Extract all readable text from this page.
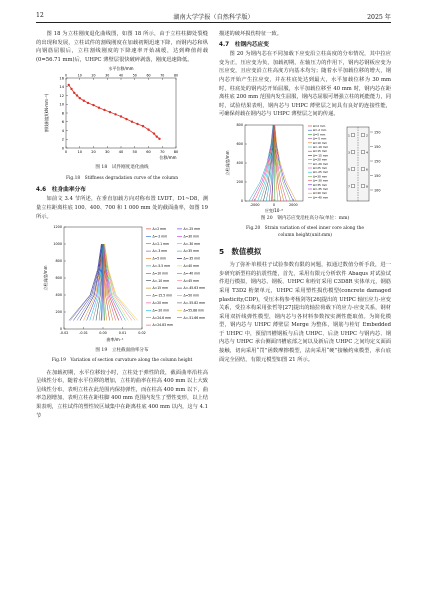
12	湖南大学学报（自然科学版）	2025 年

图 18 为立柱刚度退化曲线图，如图 18 所示，由于立柱柱脚处裂缝的出现和发展，立柱试件的割线刚度在加载初期迅速下降，而钢内芯和纵向钢筋屈服后，立柱割线刚度的下降速率开始减缓，达到峰值荷载(0=56.71 mm)后，UHPC 薄壁层很快破碎剥落，刚度迅速降低。

0
0
10
10
20
20
30
30
40
40
50
50
60
60
70
70
80
80
0
2
4
6
8
10
12
14
16
水平位移/mm
位移/mm
割线刚度/(kN·mm⁻¹)
图 18　试件刚度退化曲线
Fig.18　Stiffness degradation curve of the column
4.6　柱身曲率分布

如前文 3.4 节所述，在垂直加载方向对称布置 LVDT，D1~D8，测量立柱距离柱底 100、400、700 和 1 000 mm 处的截面曲率，如图 19 所示。

-0.02	-0.01	0.00	0.01	0.02
0
200
400
600
800
1000
1200
曲率/m⁻¹
立柱高度/mm
Δ=2 mm
Δ=-2 mm
Δ=2.1 mm
Δ=-3 mm
Δ=5 mm
Δ=-5.5 mm
Δ=10 mm
Δ=-10 mm
Δ=15 mm
Δ=-15.5 mm
Δ=20 mm
Δ=-20 mm
Δ=24.6 mm
Δ=24.83 mm
Δ=-25 mm
Δ=30 mm
Δ=-30 mm
Δ=35 mm
Δ=-35 mm
Δ=40 mm
Δ=-40 mm
Δ=45 mm
Δ=-45.63 mm
Δ=50 mm
Δ=-55.82 mm
Δ=55.88 mm
Δ=-51.66 mm
图 19　立柱截面曲率分布
Fig.19　Variation of section curvature along the column height

在加载初期，水平位移较小时，立柱处于弹性阶段，截面曲率沿柱高呈线性分布，随着水平位移的增加，立柱的曲率在柱高 400 mm 以上大致呈线性分布，表明立柱在此范围内保持弹性，而在柱高 400 mm 以下，曲率急剧增加，表明立柱在距柱脚 400 mm 范围内发生了塑性变形，以上结果表明，立柱试件的塑性铰区域集中在距离柱底 400 mm 以内，这与 4.1 节

描述的破坏损伤特征一致。

4.7　柱钢内芯应变

图 20 为钢内芯在不同加载下应变沿立柱高度的分布情况，其中拉应变为正，压应变为负，加载初期，在轴压力的作用下，钢内芯钢板应变为压应变，且应变沿立柱高度方向基本均匀；随着水平加载位移的增大，钢内芯开始产生拉应变，并在柱底处达到最大，水平加载位移为 30 mm 时，柱底处的钢内芯开始屈服，水平加载位移至 40 mm 时，钢内芯在距离柱底 200 mm 范围内发生屈服，钢内芯屈服可增强立柱的耗能能力，同时，试验结果表明，钢内芯与 UHPC 薄壁层之间具有良好的连接性能，可确保荷载在钢内芯与 UHPC 薄壁层之间的传递。

-2000	0	2000
0
200
400
600
800
应变/10⁻⁶
立柱高度/mm
Δ=2 mm
Δ=-2 mm
Δ=5 mm
Δ=-5 mm
Δ=10 mm
Δ=-10 mm
Δ=15 mm
Δ=-15 mm
Δ=20 mm
Δ=-20 mm
Δ=25 mm
Δ=-25 mm
Δ=30 mm
Δ=-30 mm
Δ=35 mm
Δ=-35 mm
Δ=40 mm
Δ=-40 mm
150
150
150
150
100
1	2
3	4
5	6
7	8
图 20　钢内芯应变沿柱高分布(单位：mm)
Fig.20　Strain variation of steel inner core along the
column height(unit:mm)
5　数值模拟

为了弥补单根柱子试验参数有限的问题，拟通过数值分析手段，进一步研究新型柱的抗震性能，首先，采用有限元分析软件 Abaqus 对试验试件进行模拟，钢内芯、钢板、UHPC 和栓钉采用 C3D8R 实体单元，钢筋采用 T3D2 桁架单元，UHPC 采用塑性损伤模型(concrete damaged plasticity,CDP)，受压本构参考杨剑等[26]提出的 UHPC 轴压应力-应变关系，受拉本构采用张哲等[27]提出的轴拉荷载下的应力-应变关系，钢材采用双折线弹性模型，钢内芯与各材料参数按实测性能取值。为简化模型，钢内芯与 UHPC 薄壁层 Merge 为整体，钢筋与栓钉 Embedded 于 UHPC 中，预留凹槽钢板与后浇 UHPC、后浇 UHPC 与钢内芯、钢内芯与 UHPC 承台侧面凹槽底部之间以及新后浇 UHPC 之间均定义面面接触，切向采用“罚”函数摩擦模型，法向采用“硬”接触约束模型，承台底面完全固结，有限元模型如图 21 所示。
